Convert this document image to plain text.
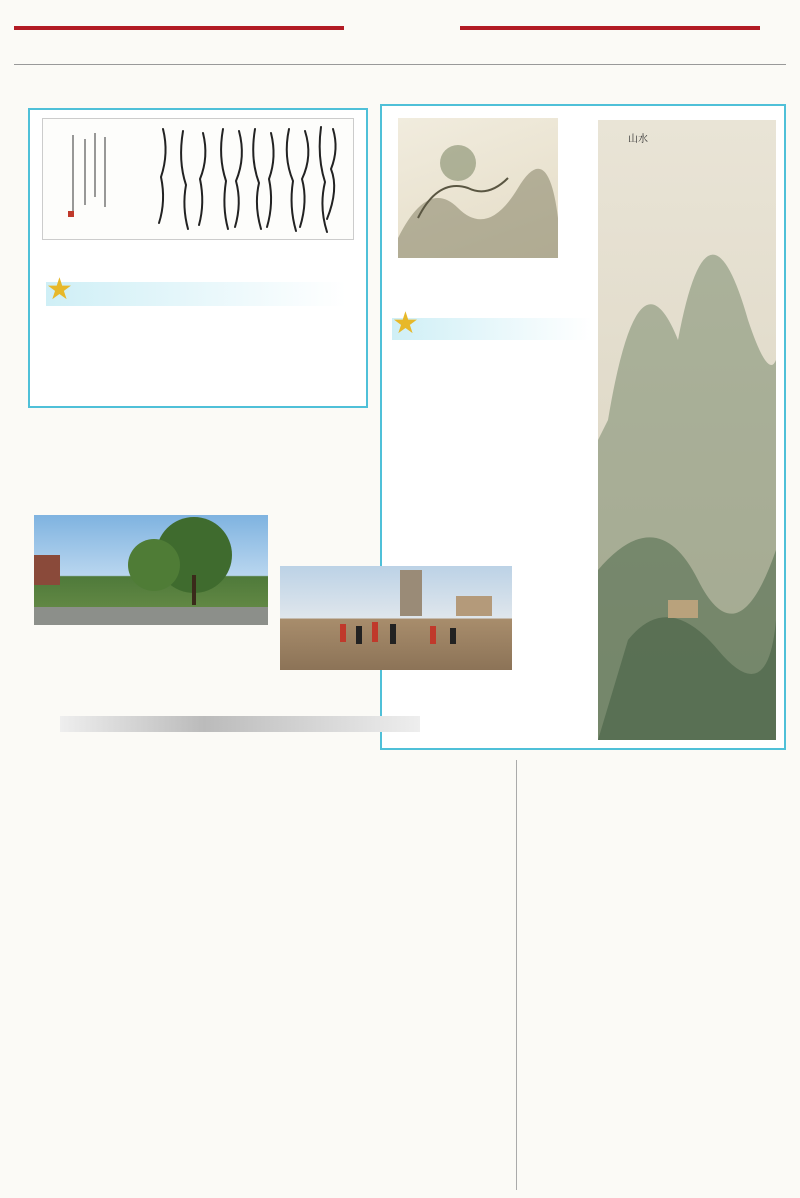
★
山水
★
